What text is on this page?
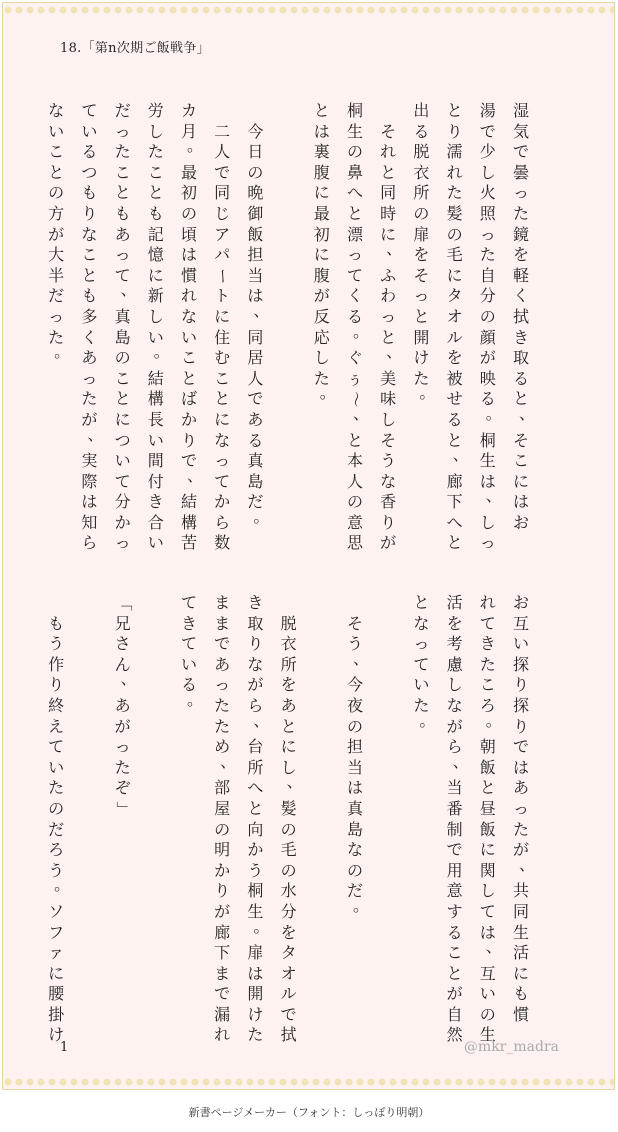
18.「第n次期ご飯戦争」
湿
気
で
曇
っ
た
鏡
を
軽
く
拭
き
取
る
と
、
そ
こ
に
は
お
湯
で
少
し
火
照
っ
た
自
分
の
顔
が
映
る
。
桐
生
は
、
し
っ
と
り
濡
れ
た
髪
の
毛
に
タ
オ
ル
を
被
せ
る
と
、
廊
下
へ
と
出
る
脱
衣
所
の
扉
を
そ
っ
と
開
け
た
。

そ
れ
と
同
時
に
、
ふ
わ
っ
と
、
美
味
し
そ
う
な
香
り
が
桐
生
の
鼻
へ
と
漂
っ
て
く
る
。
ぐ
ぅ
〜
、
と
本
人
の
意
思
と
は
裏
腹
に
最
初
に
腹
が
反
応
し
た
。

今
日
の
晩
御
飯
担
当
は
、
同
居
人
で
あ
る
真
島
だ
。

二
人
で
同
じ
ア
パ
ー
ト
に
住
む
こ
と
に
な
っ
て
か
ら
数
カ
月
。
最
初
の
頃
は
慣
れ
な
い
こ
と
ば
か
り
で
、
結
構
苦
労
し
た
こ
と
も
記
憶
に
新
し
い
。
結
構
長
い
間
付
き
合
い
だ
っ
た
こ
と
も
あ
っ
て
、
真
島
の
こ
と
に
つ
い
て
分
か
っ
て
い
る
つ
も
り
な
こ
と
も
多
く
あ
っ
た
が
、
実
際
は
知
ら
な
い
こ
と
の
方
が
大
半
だ
っ
た
。
お
互
い
探
り
探
り
で
は
あ
っ
た
が
、
共
同
生
活
に
も
慣
れ
て
き
た
こ
ろ
。
朝
飯
と
昼
飯
に
関
し
て
は
、
互
い
の
生
活
を
考
慮
し
な
が
ら
、
当
番
制
で
用
意
す
る
こ
と
が
自
然
と
な
っ
て
い
た
。

そ
う
、
今
夜
の
担
当
は
真
島
な
の
だ
。

脱
衣
所
を
あ
と
に
し
、
髪
の
毛
の
水
分
を
タ
オ
ル
で
拭
き
取
り
な
が
ら
、
台
所
へ
と
向
か
う
桐
生
。
扉
は
開
け
た
ま
ま
で
あ
っ
た
た
め
、
部
屋
の
明
か
り
が
廊
下
ま
で
漏
れ
て
き
て
い
る
。
「
兄
さ
ん
、
あ
が
っ
た
ぞ
」

も
う
作
り
終
え
て
い
た
の
だ
ろ
う
。
ソ
フ
ァ
に
腰
掛
け
1	@mkr_madra
新書ページメーカー（フォント：しっぽり明朝）
